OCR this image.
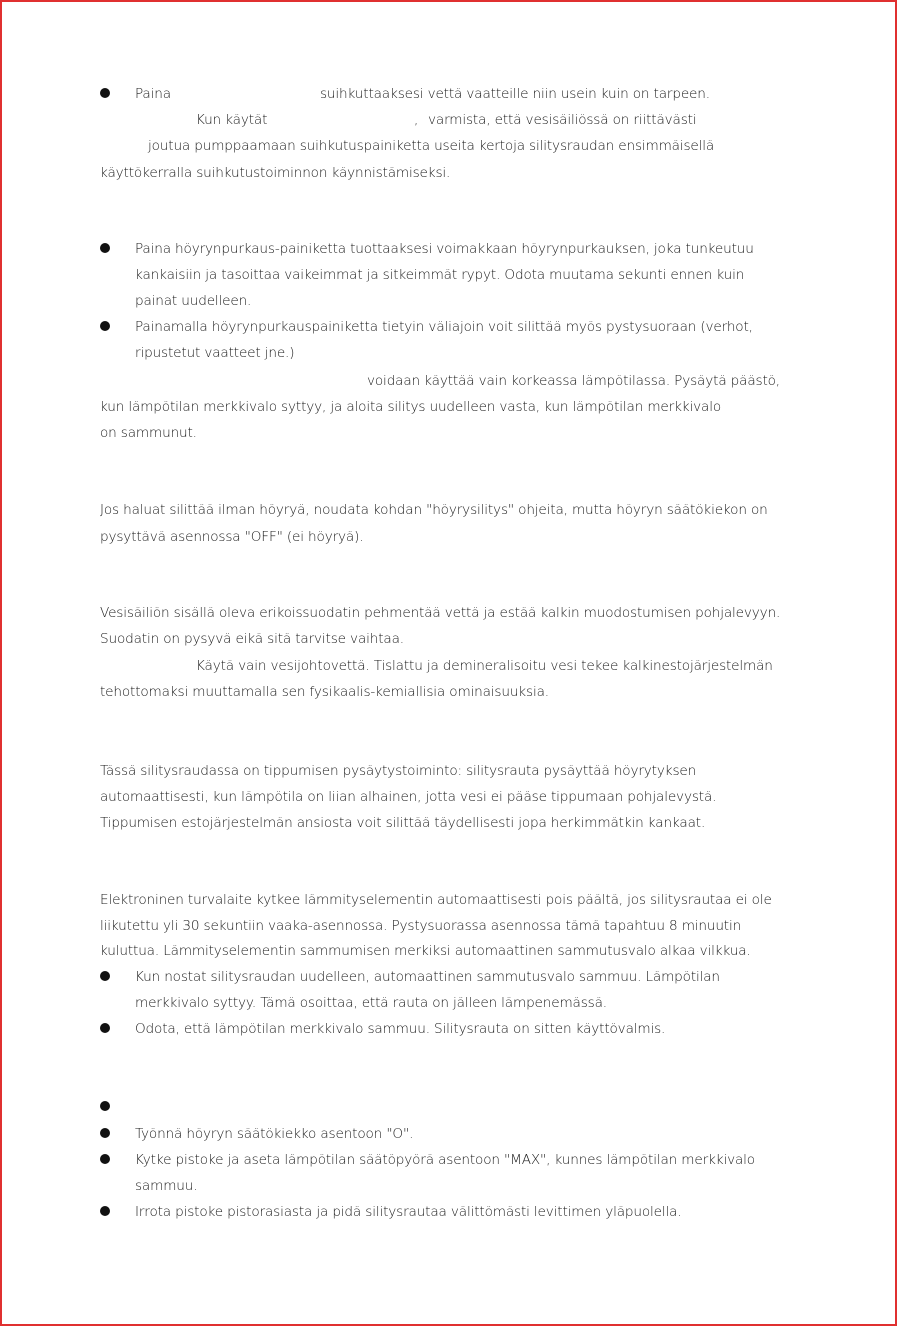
Paina	suihkuttaaksesi vettä vaatteille niin usein kuin on tarpeen.
Kun käytät	, varmista, että vesisäiliössä on riittävästi
joutua pumppaamaan suihkutuspainiketta useita kertoja silitysraudan ensimmäisellä
käyttökerralla suihkutustoiminnon käynnistämiseksi.
Paina höyrynpurkaus-painiketta tuottaaksesi voimakkaan höyrynpurkauksen, joka tunkeutuu
kankaisiin ja tasoittaa vaikeimmat ja sitkeimmät rypyt. Odota muutama sekunti ennen kuin
painat uudelleen.
Painamalla höyrynpurkauspainiketta tietyin väliajoin voit silittää myös pystysuoraan (verhot,
ripustetut vaatteet jne.)
voidaan käyttää vain korkeassa lämpötilassa. Pysäytä päästö,
kun lämpötilan merkkivalo syttyy, ja aloita silitys uudelleen vasta, kun lämpötilan merkkivalo
on sammunut.
Jos haluat silittää ilman höyryä, noudata kohdan "höyrysilitys" ohjeita, mutta höyryn säätökiekon on
pysyttävä asennossa "OFF" (ei höyryä).
Vesisäiliön sisällä oleva erikoissuodatin pehmentää vettä ja estää kalkin muodostumisen pohjalevyyn.
Suodatin on pysyvä eikä sitä tarvitse vaihtaa.
Käytä vain vesijohtovettä. Tislattu ja demineralisoitu vesi tekee kalkinestojärjestelmän
tehottomaksi muuttamalla sen fysikaalis-kemiallisia ominaisuuksia.
Tässä silitysraudassa on tippumisen pysäytystoiminto: silitysrauta pysäyttää höyrytyksen
automaattisesti, kun lämpötila on liian alhainen, jotta vesi ei pääse tippumaan pohjalevystä.
Tippumisen estojärjestelmän ansiosta voit silittää täydellisesti jopa herkimmätkin kankaat.
Elektroninen turvalaite kytkee lämmityselementin automaattisesti pois päältä, jos silitysrautaa ei ole
liikutettu yli 30 sekuntiin vaaka-asennossa. Pystysuorassa asennossa tämä tapahtuu 8 minuutin
kuluttua. Lämmityselementin sammumisen merkiksi automaattinen sammutusvalo alkaa vilkkua.
Kun nostat silitysraudan uudelleen, automaattinen sammutusvalo sammuu. Lämpötilan
merkkivalo syttyy. Tämä osoittaa, että rauta on jälleen lämpenemässä.
Odota, että lämpötilan merkkivalo sammuu. Silitysrauta on sitten käyttövalmis.
Työnnä höyryn säätökiekko asentoon "O".
Kytke pistoke ja aseta lämpötilan säätöpyörä asentoon "MAX", kunnes lämpötilan merkkivalo
sammuu.
Irrota pistoke pistorasiasta ja pidä silitysrautaa välittömästi levittimen yläpuolella.
